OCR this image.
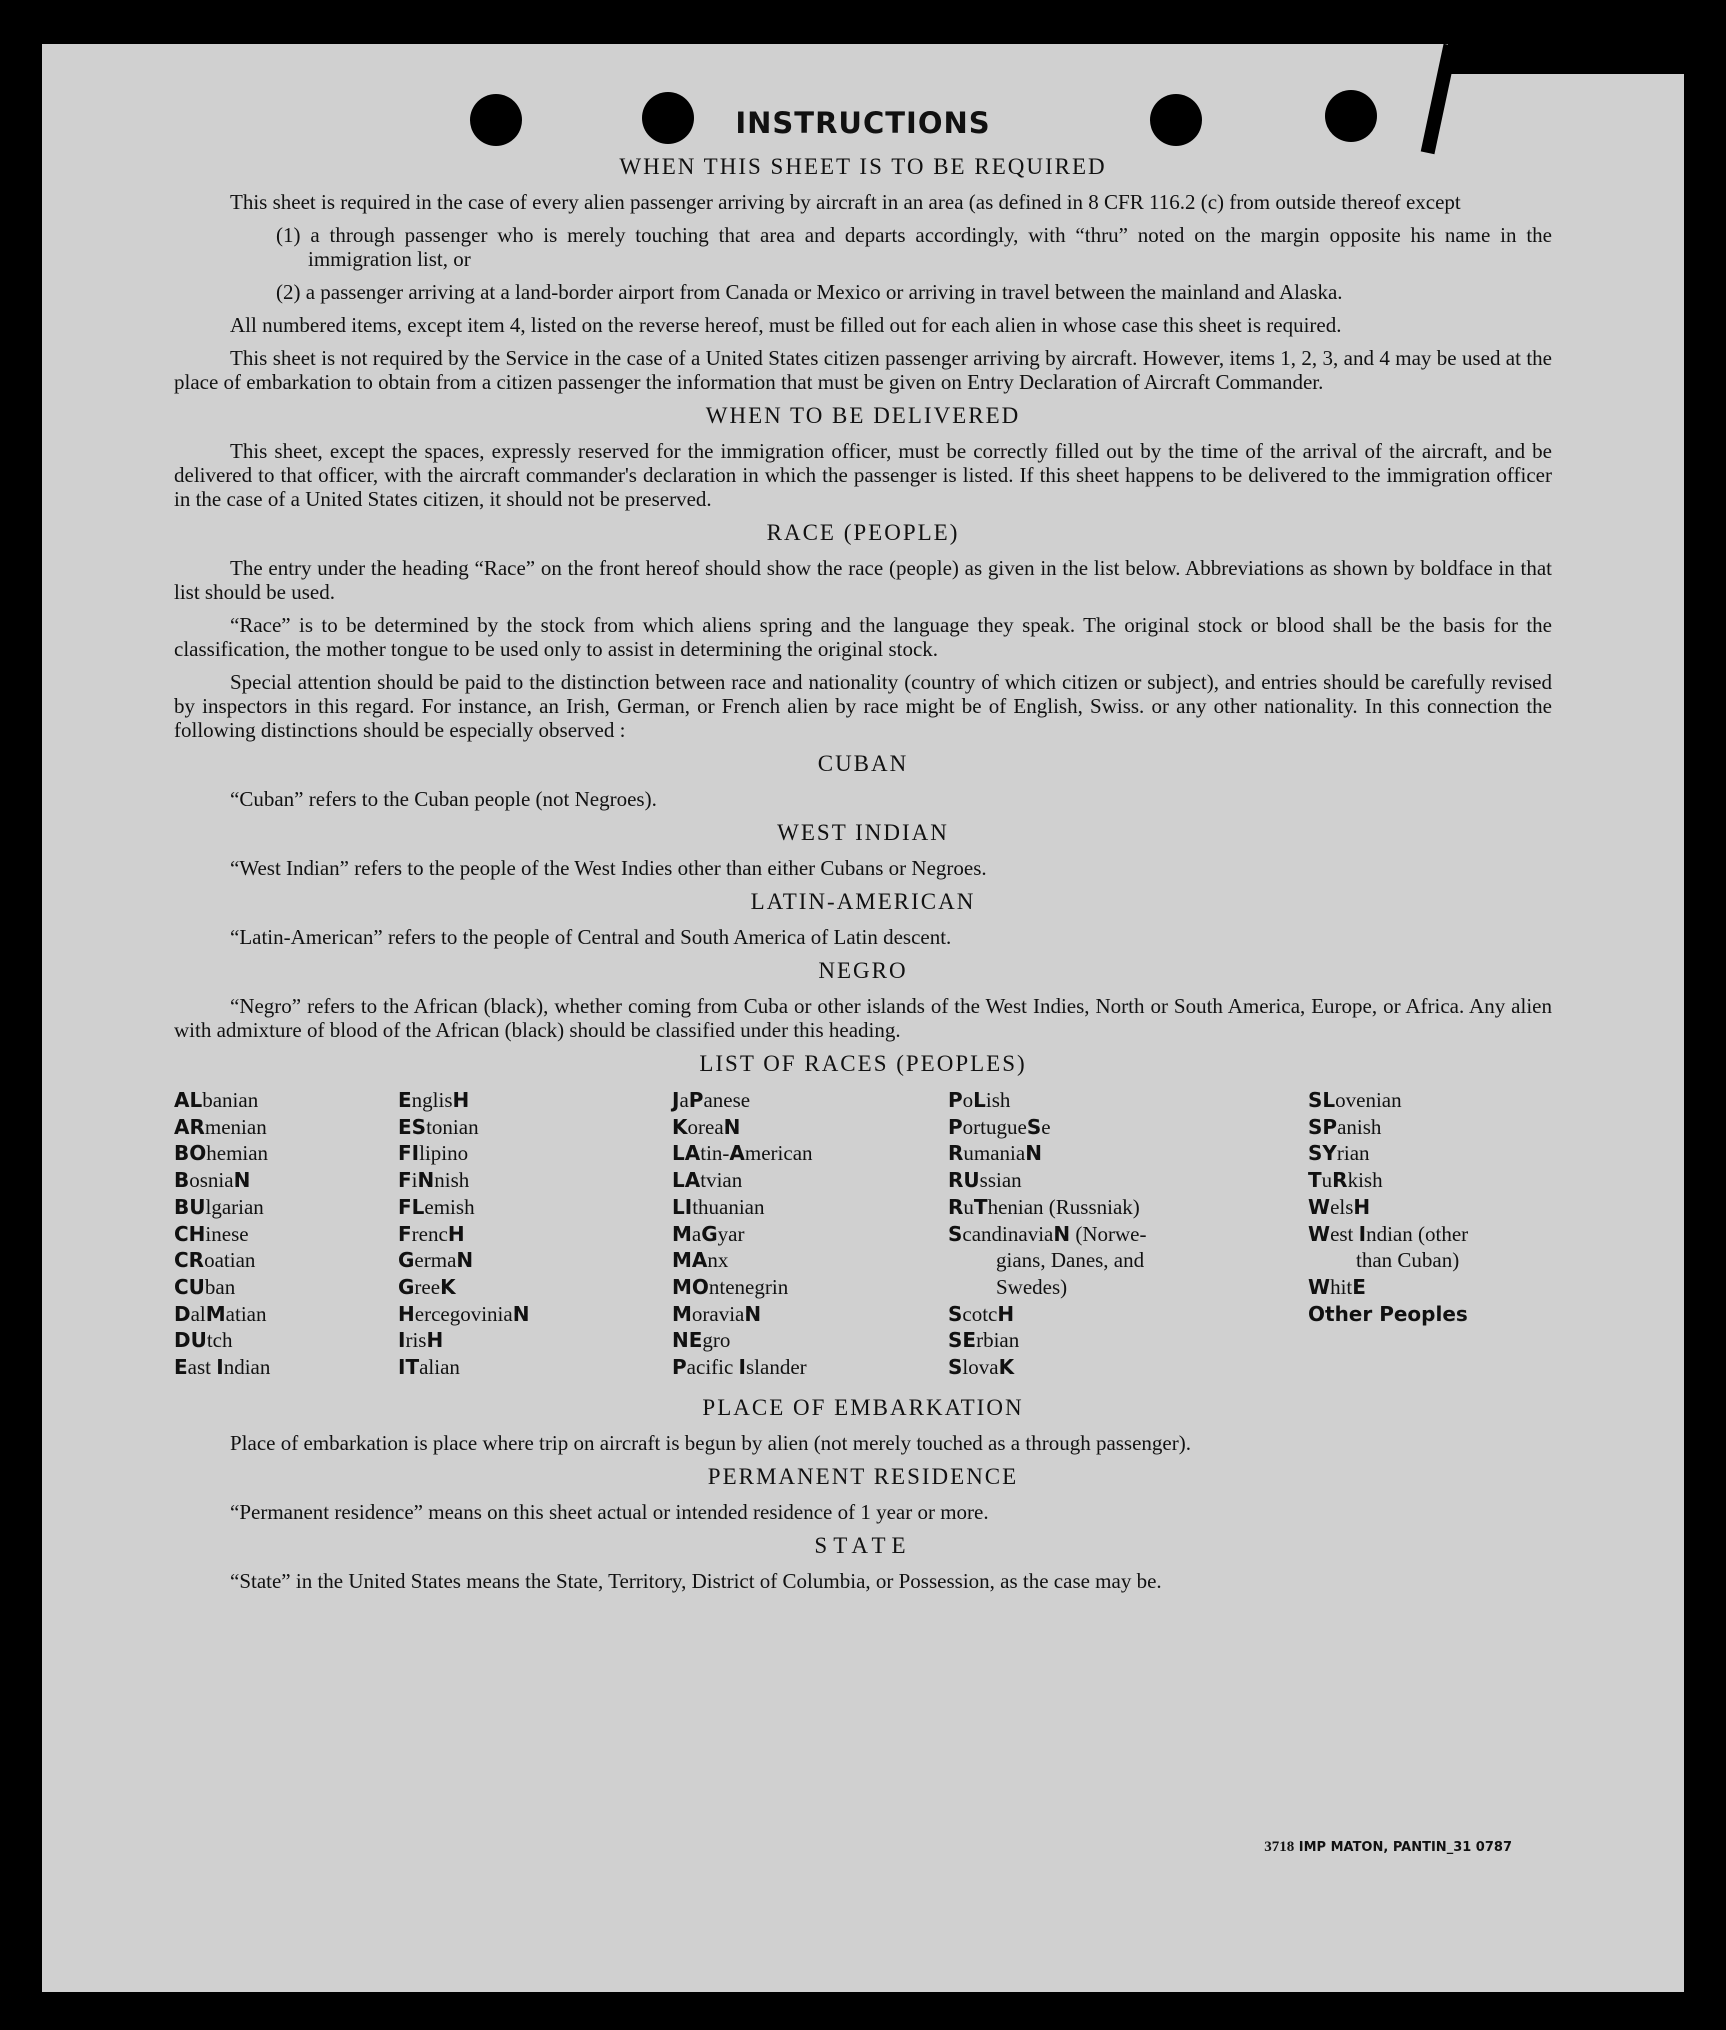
INSTRUCTIONS
WHEN THIS SHEET IS TO BE REQUIRED

This sheet is required in the case of every alien passenger arriving by aircraft in an area (as defined in 8 CFR 116.2 (c) from outside thereof except

(1) a through passenger who is merely touching that area and departs accordingly, with “thru” noted on the margin opposite his name in the immigration list, or

(2) a passenger arriving at a land-border airport from Canada or Mexico or arriving in travel between the mainland and Alaska.

All numbered items, except item 4, listed on the reverse hereof, must be filled out for each alien in whose case this sheet is required.

This sheet is not required by the Service in the case of a United States citizen passenger arriving by aircraft. However, items 1, 2, 3, and 4 may be used at the place of embarkation to obtain from a citizen passenger the information that must be given on Entry Declaration of Aircraft Commander.

WHEN TO BE DELIVERED

This sheet, except the spaces, expressly reserved for the immigration officer, must be correctly filled out by the time of the arrival of the aircraft, and be delivered to that officer, with the aircraft commander's declaration in which the passenger is listed. If this sheet happens to be delivered to the immigration officer in the case of a United States citizen, it should not be preserved.

RACE (PEOPLE)

The entry under the heading “Race” on the front hereof should show the race (people) as given in the list below. Abbreviations as shown by boldface in that list should be used.

“Race” is to be determined by the stock from which aliens spring and the language they speak. The original stock or blood shall be the basis for the classification, the mother tongue to be used only to assist in determining the original stock.

Special attention should be paid to the distinction between race and nationality (country of which citizen or subject), and entries should be carefully revised by inspectors in this regard. For instance, an Irish, German, or French alien by race might be of English, Swiss. or any other nationality. In this connection the following distinctions should be especially observed :

CUBAN

“Cuban” refers to the Cuban people (not Negroes).

WEST INDIAN

“West Indian” refers to the people of the West Indies other than either Cubans or Negroes.

LATIN-AMERICAN

“Latin-American” refers to the people of Central and South America of Latin descent.

NEGRO

“Negro” refers to the African (black), whether coming from Cuba or other islands of the West Indies, North or South America, Europe, or Africa. Any alien with admixture of blood of the African (black) should be classified under this heading.

LIST OF RACES (PEOPLES)
ALbanian
ARmenian
BOhemian
BosniaN
BUlgarian
CHinese
CRoatian
CUban
DalMatian
DUtch
East Indian
EnglisH
EStonian
FIlipino
FiNnish
FLemish
FrencH
GermaN
GreeK
HercegoviniaN
IrisH
ITalian
JaPanese
KoreaN
LAtin-American
LAtvian
LIthuanian
MaGyar
MAnx
MOntenegrin
MoraviaN
NEgro
Pacific Islander
PoLish
PortugueSe
RumaniaN
RUssian
RuThenian (Russniak)
ScandinaviaN (Norwe-
gians, Danes, and
Swedes)
ScotcH
SErbian
SlovaK
SLovenian
SPanish
SYrian
TuRkish
WelsH
West Indian (other
than Cuban)
WhitE
Other Peoples
PLACE OF EMBARKATION

Place of embarkation is place where trip on aircraft is begun by alien (not merely touched as a through passenger).

PERMANENT RESIDENCE

“Permanent residence” means on this sheet actual or intended residence of 1 year or more.

STATE

“State” in the United States means the State, Territory, District of Columbia, or Possession, as the case may be.

3718 IMP MATON, PANTIN_31 0787
